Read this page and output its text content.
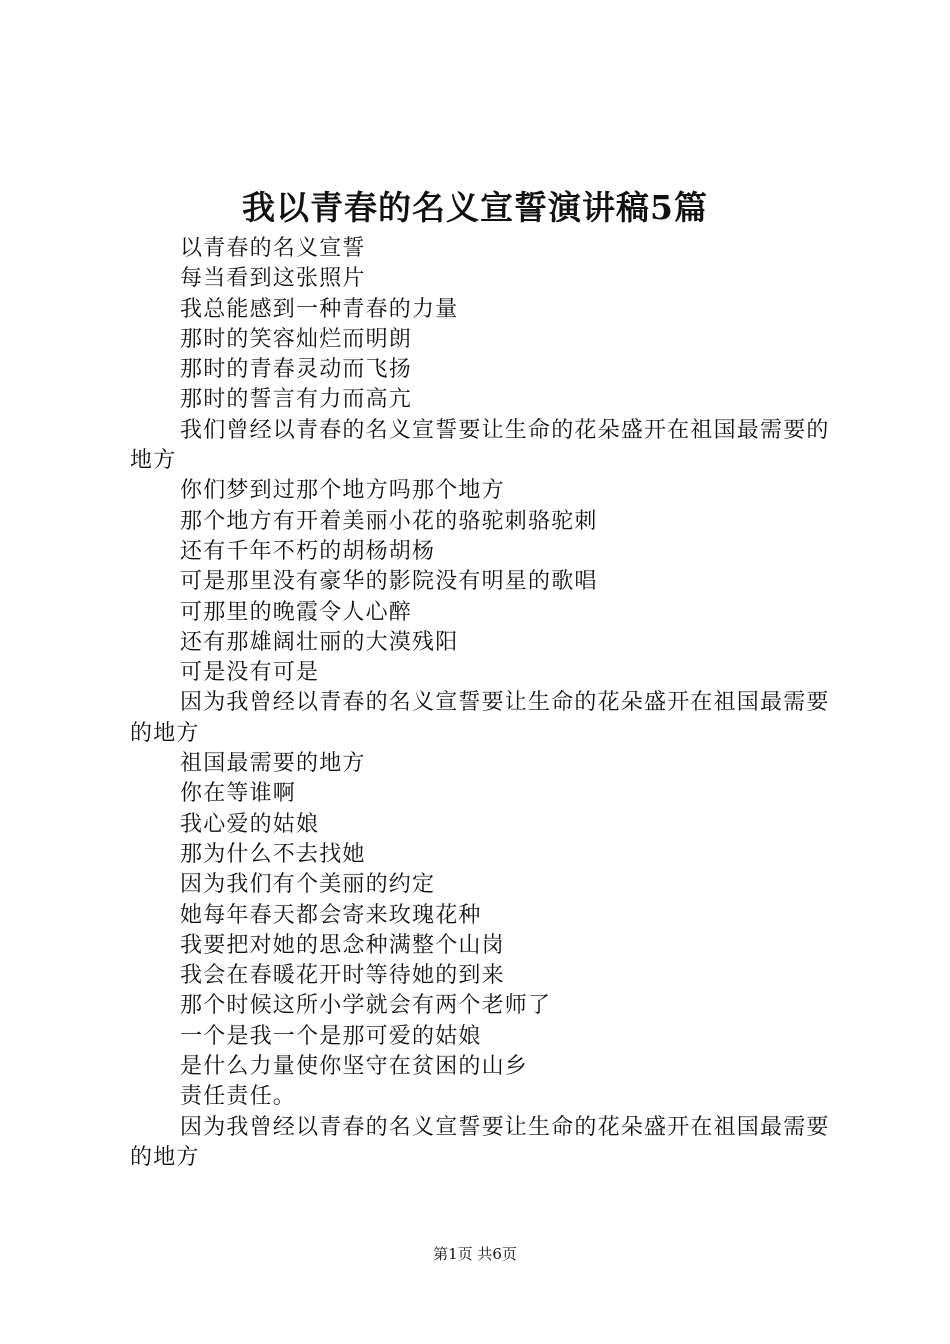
我以青春的名义宣誓演讲稿5篇
以青春的名义宣誓
每当看到这张照片
我总能感到一种青春的力量
那时的笑容灿烂而明朗
那时的青春灵动而飞扬
那时的誓言有力而高亢
我们曾经以青春的名义宣誓要让生命的花朵盛开在祖国最需要的地方
你们梦到过那个地方吗那个地方
那个地方有开着美丽小花的骆驼刺骆驼刺
还有千年不朽的胡杨胡杨
可是那里没有豪华的影院没有明星的歌唱
可那里的晚霞令人心醉
还有那雄阔壮丽的大漠残阳
可是没有可是
因为我曾经以青春的名义宣誓要让生命的花朵盛开在祖国最需要的地方
祖国最需要的地方
你在等谁啊
我心爱的姑娘
那为什么不去找她
因为我们有个美丽的约定
她每年春天都会寄来玫瑰花种
我要把对她的思念种满整个山岗
我会在春暖花开时等待她的到来
那个时候这所小学就会有两个老师了
一个是我一个是那可爱的姑娘
是什么力量使你坚守在贫困的山乡
责任责任。
因为我曾经以青春的名义宣誓要让生命的花朵盛开在祖国最需要的地方
第1页 共6页
